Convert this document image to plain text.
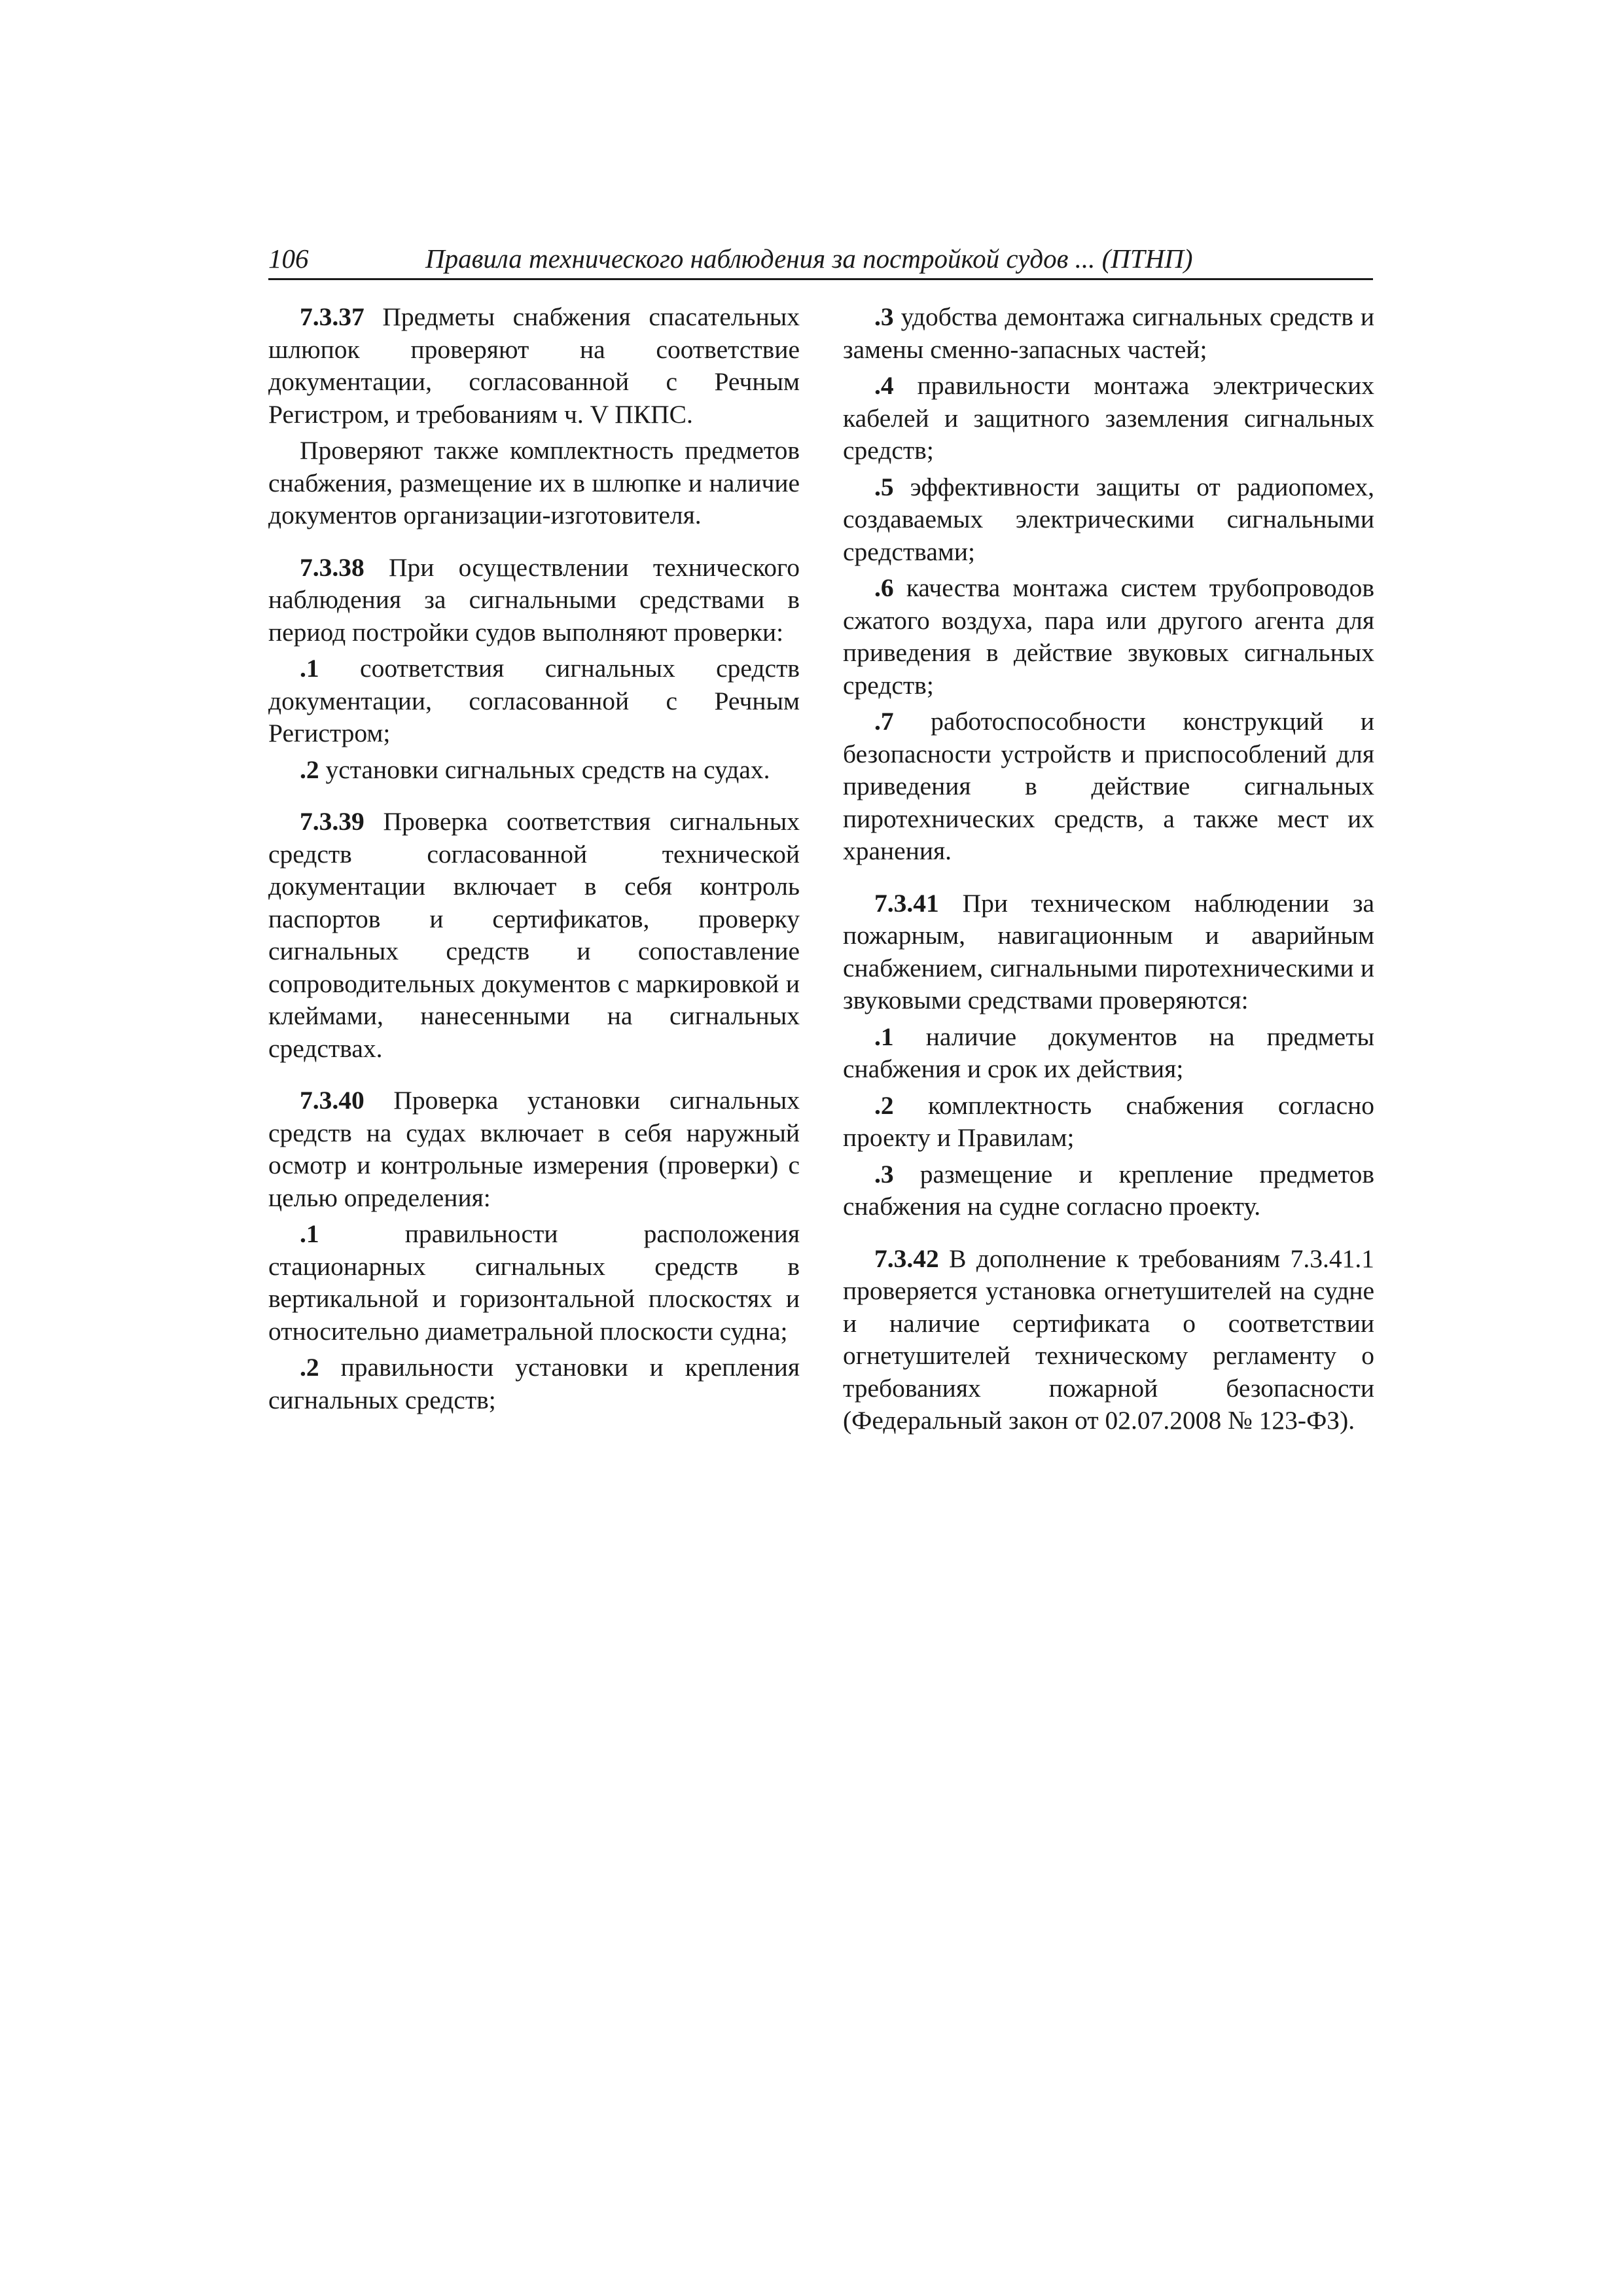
106	Правила технического наблюдения за постройкой судов ... (ПТНП)

7.3.37 Предметы снабжения спасательных шлюпок проверяют на соответствие документации, согласованной с Речным Регистром, и требованиям ч. V ПКПС.

Проверяют также комплектность предметов снабжения, размещение их в шлюпке и наличие документов организации-изготовителя.

7.3.38 При осуществлении технического наблюдения за сигнальными средствами в период постройки судов выполняют проверки:

.1 соответствия сигнальных средств документации, согласованной с Речным Регистром;

.2 установки сигнальных средств на судах.

7.3.39 Проверка соответствия сигнальных средств согласованной технической документации включает в себя контроль паспортов и сертификатов, проверку сигнальных средств и сопоставление сопроводительных документов с маркировкой и клеймами, нанесенными на сигнальных средствах.

7.3.40 Проверка установки сигнальных средств на судах включает в себя наружный осмотр и контрольные измерения (проверки) с целью определения:

.1 правильности расположения стационарных сигнальных средств в вертикальной и горизонтальной плоскостях и относительно диаметральной плоскости судна;

.2 правильности установки и крепления сигнальных средств;

.3 удобства демонтажа сигнальных средств и замены сменно-запасных частей;

.4 правильности монтажа электрических кабелей и защитного заземления сигнальных средств;

.5 эффективности защиты от радиопомех, создаваемых электрическими сигнальными средствами;

.6 качества монтажа систем трубопроводов сжатого воздуха, пара или другого агента для приведения в действие звуковых сигнальных средств;

.7 работоспособности конструкций и безопасности устройств и приспособлений для приведения в действие сигнальных пиротехнических средств, а также мест их хранения.

7.3.41 При техническом наблюдении за пожарным, навигационным и аварийным снабжением, сигнальными пиротехническими и звуковыми средствами проверяются:

.1 наличие документов на предметы снабжения и срок их действия;

.2 комплектность снабжения согласно проекту и Правилам;

.3 размещение и крепление предметов снабжения на судне согласно проекту.

7.3.42 В дополнение к требованиям 7.3.41.1 проверяется установка огнетушителей на судне и наличие сертификата о соответствии огнетушителей техническому регламенту о требованиях пожарной безопасности (Федеральный закон от 02.07.2008 № 123-ФЗ).
